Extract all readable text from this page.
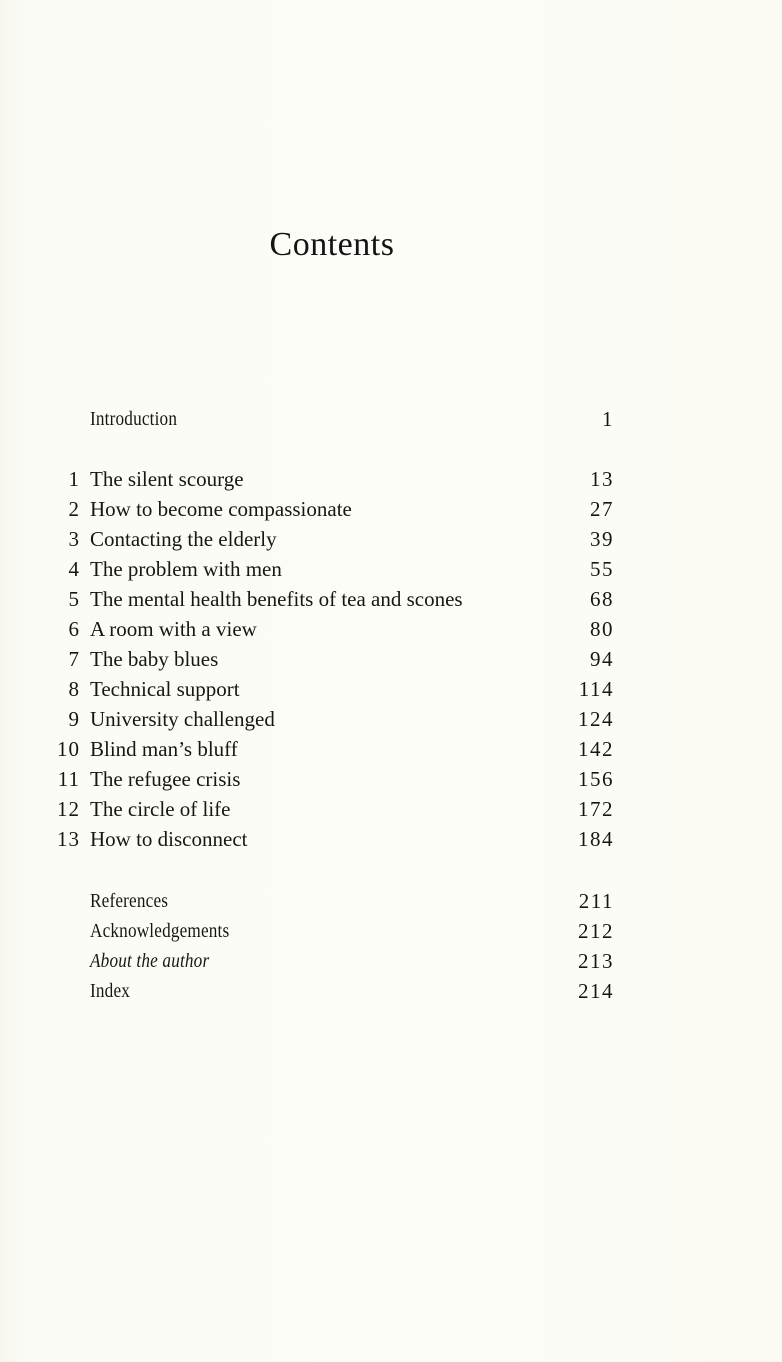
Contents
Introduction	1
1 The silent scourge	13
2 How to become compassionate	27
3 Contacting the elderly	39
4 The problem with men	55
5 The mental health benefits of tea and scones	68
6 A room with a view	80
7 The baby blues	94
8 Technical support	114
9 University challenged	124
10 Blind man’s bluff	142
11 The refugee crisis	156
12 The circle of life	172
13 How to disconnect	184
References	211
Acknowledgements	212
About the author	213
Index	214
